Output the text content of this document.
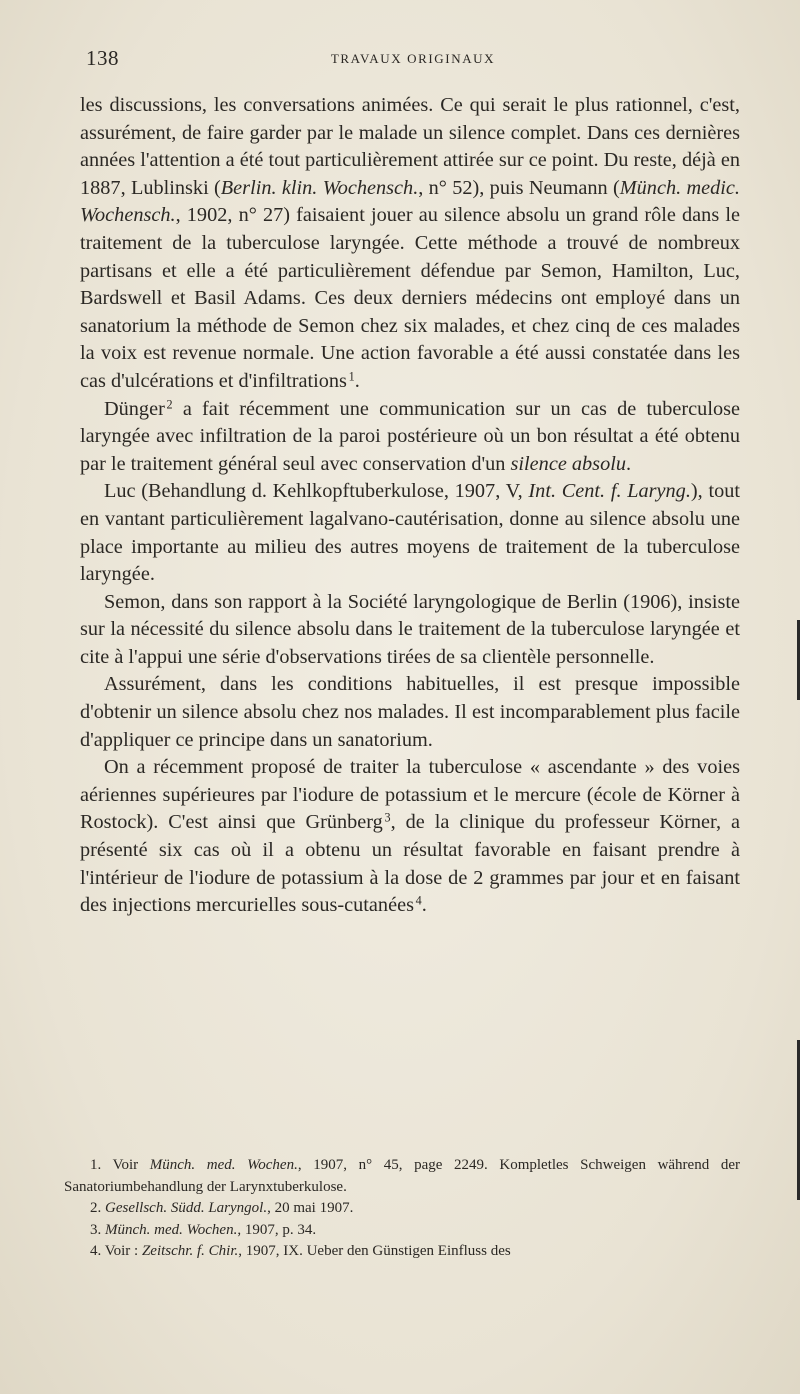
138	TRAVAUX ORIGINAUX

les discussions, les conversations animées. Ce qui serait le plus rationnel, c'est, assurément, de faire garder par le malade un silence complet. Dans ces dernières années l'attention a été tout particulièrement attirée sur ce point. Du reste, déjà en 1887, Lublinski (Berlin. klin. Wochensch., n° 52), puis Neumann (Münch. medic. Wochensch., 1902, n° 27) faisaient jouer au silence absolu un grand rôle dans le traitement de la tuberculose laryngée. Cette méthode a trouvé de nombreux partisans et elle a été particulièrement défendue par Semon, Hamilton, Luc, Bardswell et Basil Adams. Ces deux derniers médecins ont employé dans un sanatorium la méthode de Semon chez six malades, et chez cinq de ces malades la voix est revenue normale. Une action favorable a été aussi constatée dans les cas d'ulcérations et d'infiltrations  $^1$.

Dünger  $^2$ a fait récemment une communication sur un cas de tuberculose laryngée avec infiltration de la paroi postérieure où un bon résultat a été obtenu par le traitement général seul avec conservation d'un silence absolu.

Luc (Behandlung d. Kehlkopftuberkulose, 1907, V, Int. Cent. f. Laryng.), tout en vantant particulièrement lagalvano-cautérisation, donne au silence absolu une place importante au milieu des autres moyens de traitement de la tuberculose laryngée.

Semon, dans son rapport à la Société laryngologique de Berlin (1906), insiste sur la nécessité du silence absolu dans le traitement de la tuberculose laryngée et cite à l'appui une série d'observations tirées de sa clientèle personnelle.

Assurément, dans les conditions habituelles, il est presque impossible d'obtenir un silence absolu chez nos malades. Il est incomparablement plus facile d'appliquer ce principe dans un sanatorium.

On a récemment proposé de traiter la tuberculose « ascendante » des voies aériennes supérieures par l'iodure de potassium et le mercure (école de Körner à Rostock). C'est ainsi que Grünberg  $^3$, de la clinique du professeur Körner, a présenté six cas où il a obtenu un résultat favorable en faisant prendre à l'intérieur de l'iodure de potassium à la dose de 2 grammes par jour et en faisant des injections mercurielles sous-cutanées  $^4$.

1. Voir Münch. med. Wochen., 1907, n° 45, page 2249. Kompletles Schweigen während der Sanatoriumbehandlung der Larynxtuberkulose.

2. Gesellsch. Südd. Laryngol., 20 mai 1907.

3. Münch. med. Wochen., 1907, p. 34.

4. Voir : Zeitschr. f. Chir., 1907, IX. Ueber den Günstigen Einfluss des
